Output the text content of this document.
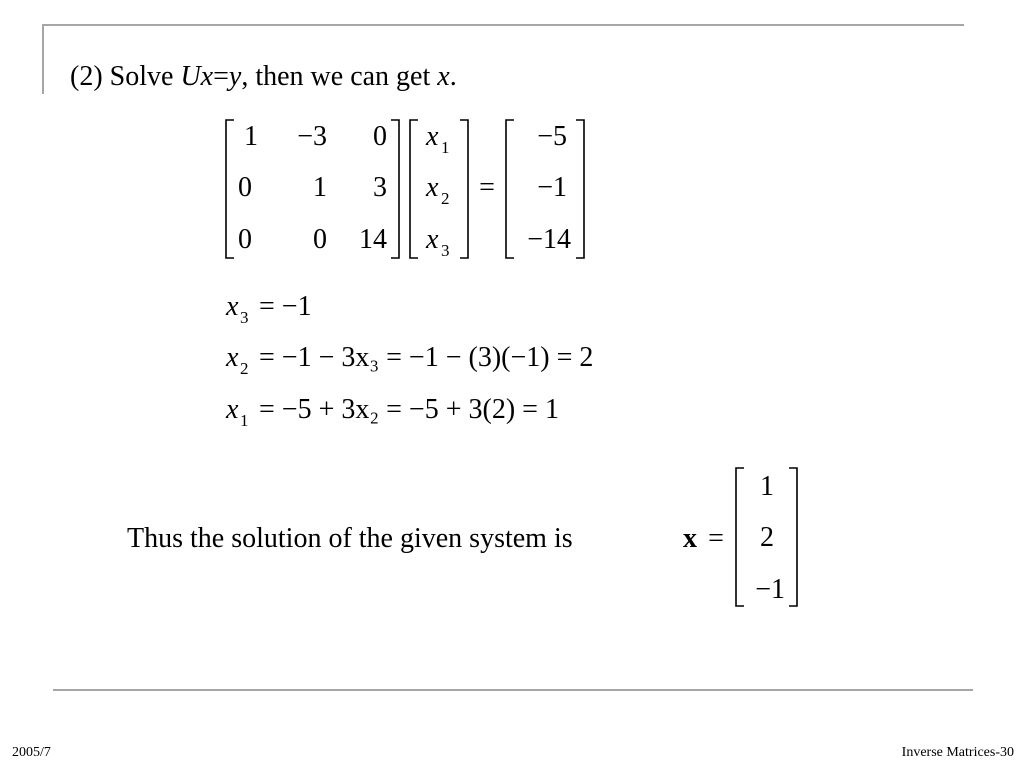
(2) Solve Ux=y, then we can get x.
1 −3 0
0 1 3
0 0 14
x 1
x 2
x 3
=
−5
−1
−14
x 3 = −1
x 2 = −1 − 3x₃ = −1 − (3)(−1) = 2
x 1 = −5 + 3x₂ = −5 + 3(2) = 1
x =
1
2
−1
Thus the solution of the given system is
2005/7	Inverse Matrices-30
